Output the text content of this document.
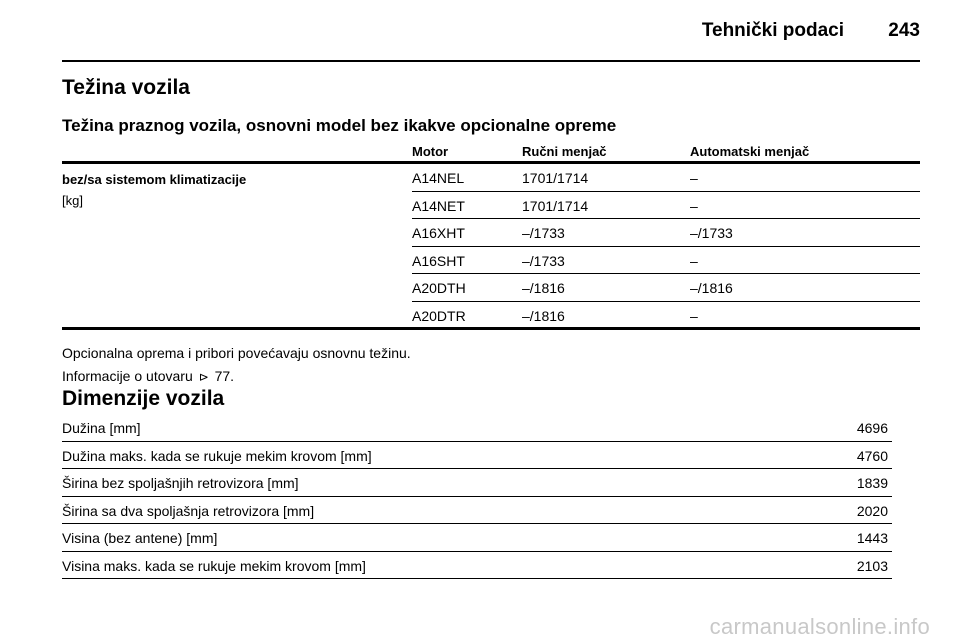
Tehnički podaci 243
Težina vozila
Težina praznog vozila, osnovni model bez ikakve opcionalne opreme
Motor	Ručni menjač	Automatski menjač
bez/sa sistemom klimatizacije
[kg]
A14NEL	1701/1714	–
A14NET	1701/1714	–
A16XHT	–/1733	–/1733
A16SHT	–/1733	–
A20DTH	–/1816	–/1816
A20DTR	–/1816	–
Opcionalna oprema i pribori povećavaju osnovnu težinu.
Informacije o utovaru ⊳ 77.
Dimenzije vozila
Dužina [mm]	4696
Dužina maks. kada se rukuje mekim krovom [mm]	4760
Širina bez spoljašnjih retrovizora [mm]	1839
Širina sa dva spoljašnja retrovizora [mm]	2020
Visina (bez antene) [mm]	1443
Visina maks. kada se rukuje mekim krovom [mm]	2103
carmanualsonline.info
